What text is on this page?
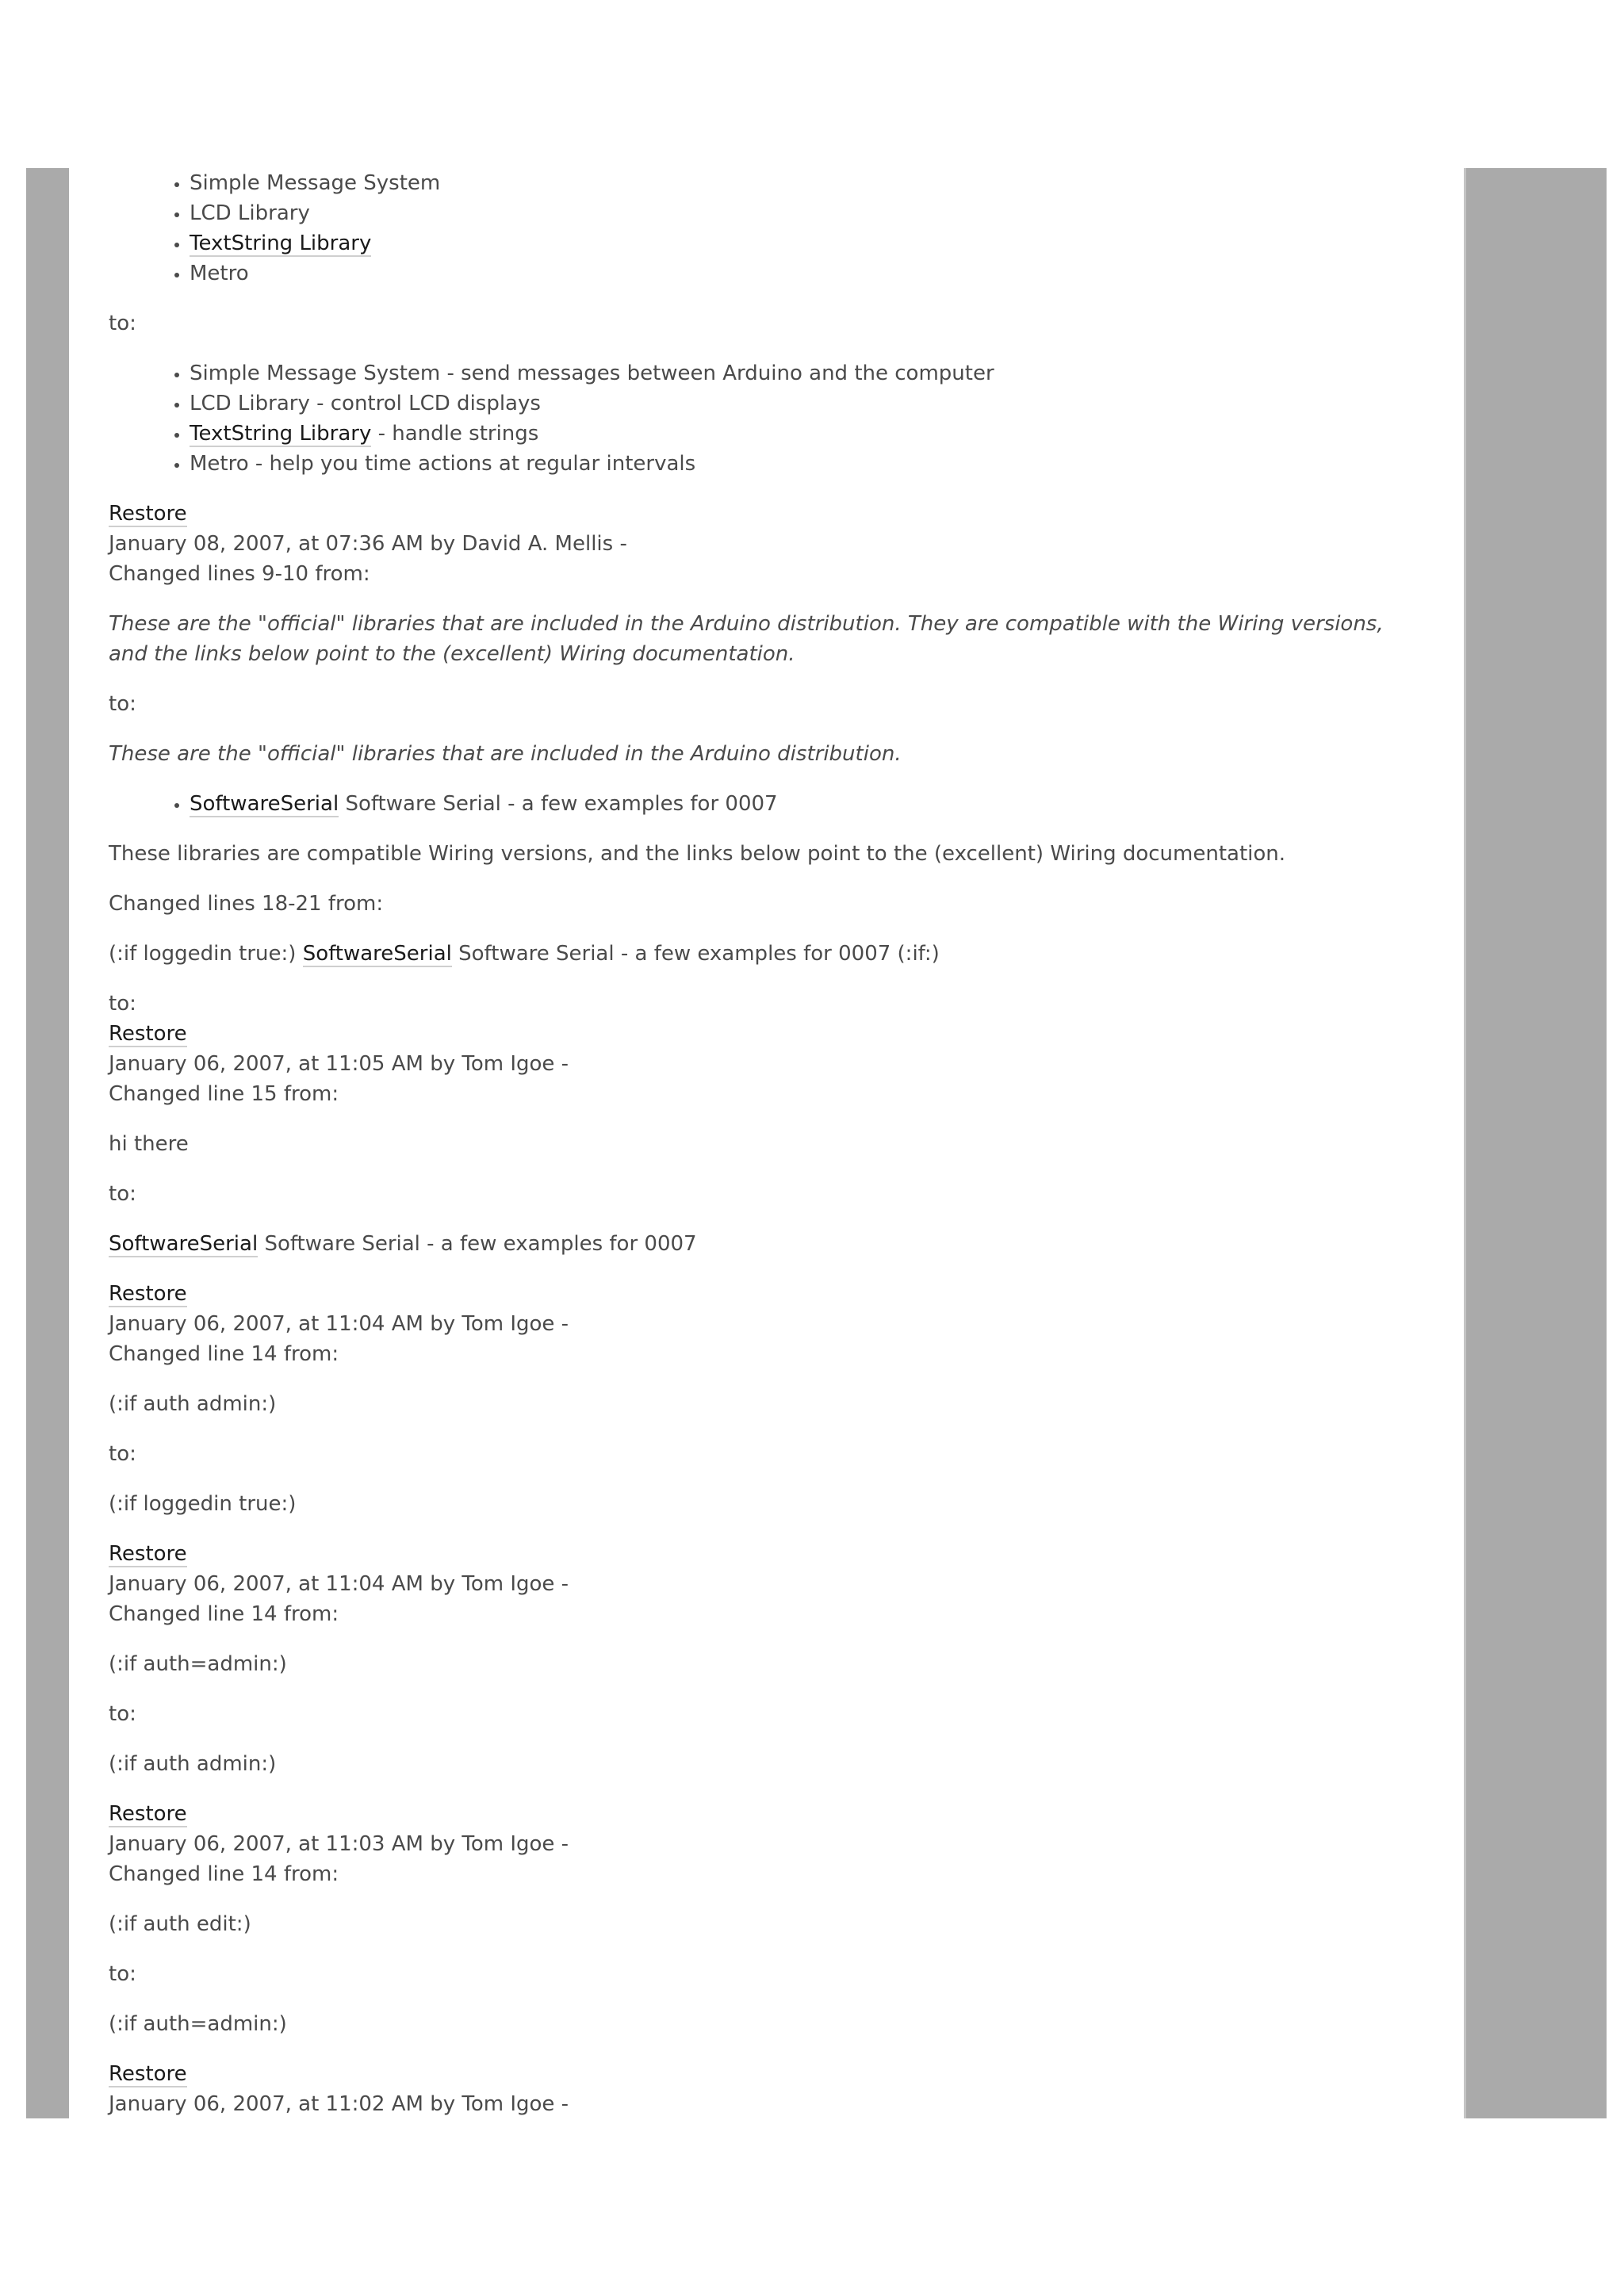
• Simple Message System
• LCD Library
• TextString Library
• Metro

to:

• Simple Message System - send messages between Arduino and the computer
• LCD Library - control LCD displays
• TextString Library - handle strings
• Metro - help you time actions at regular intervals

Restore

January 08, 2007, at 07:36 AM by David A. Mellis -

Changed lines 9-10 from:

These are the "official" libraries that are included in the Arduino distribution. They are compatible with the Wiring versions, and the links below point to the (excellent) Wiring documentation.

to:

These are the "official" libraries that are included in the Arduino distribution.

• SoftwareSerial Software Serial - a few examples for 0007

These libraries are compatible Wiring versions, and the links below point to the (excellent) Wiring documentation.

Changed lines 18-21 from:

(:if loggedin true:) SoftwareSerial Software Serial - a few examples for 0007 (:if:)

to:

Restore

January 06, 2007, at 11:05 AM by Tom Igoe -

Changed line 15 from:

hi there

to:

SoftwareSerial Software Serial - a few examples for 0007

Restore

January 06, 2007, at 11:04 AM by Tom Igoe -

Changed line 14 from:

(:if auth admin:)

to:

(:if loggedin true:)

Restore

January 06, 2007, at 11:04 AM by Tom Igoe -

Changed line 14 from:

(:if auth=admin:)

to:

(:if auth admin:)

Restore

January 06, 2007, at 11:03 AM by Tom Igoe -

Changed line 14 from:

(:if auth edit:)

to:

(:if auth=admin:)

Restore

January 06, 2007, at 11:02 AM by Tom Igoe -
